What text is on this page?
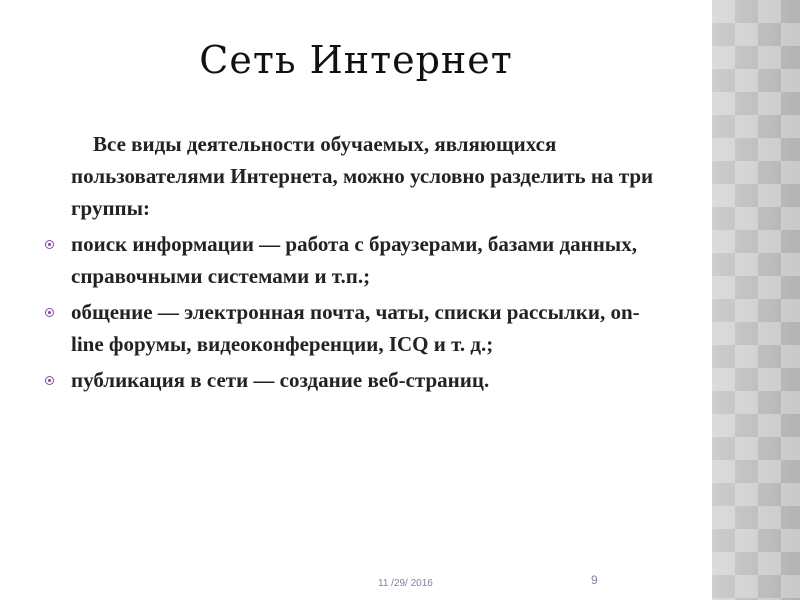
Сеть Интернет

Все виды деятельности обучаемых, являющихся пользователями Интернета, можно условно разделить на три группы:

поиск информации — работа с браузерами, базами данных, справочными системами и т.п.;
общение — электронная почта, чаты, списки рассылки, on-line форумы, видеоконференции, ICQ и т. д.;
публикация в сети — создание веб-страниц.
11 /29/ 2016	9
